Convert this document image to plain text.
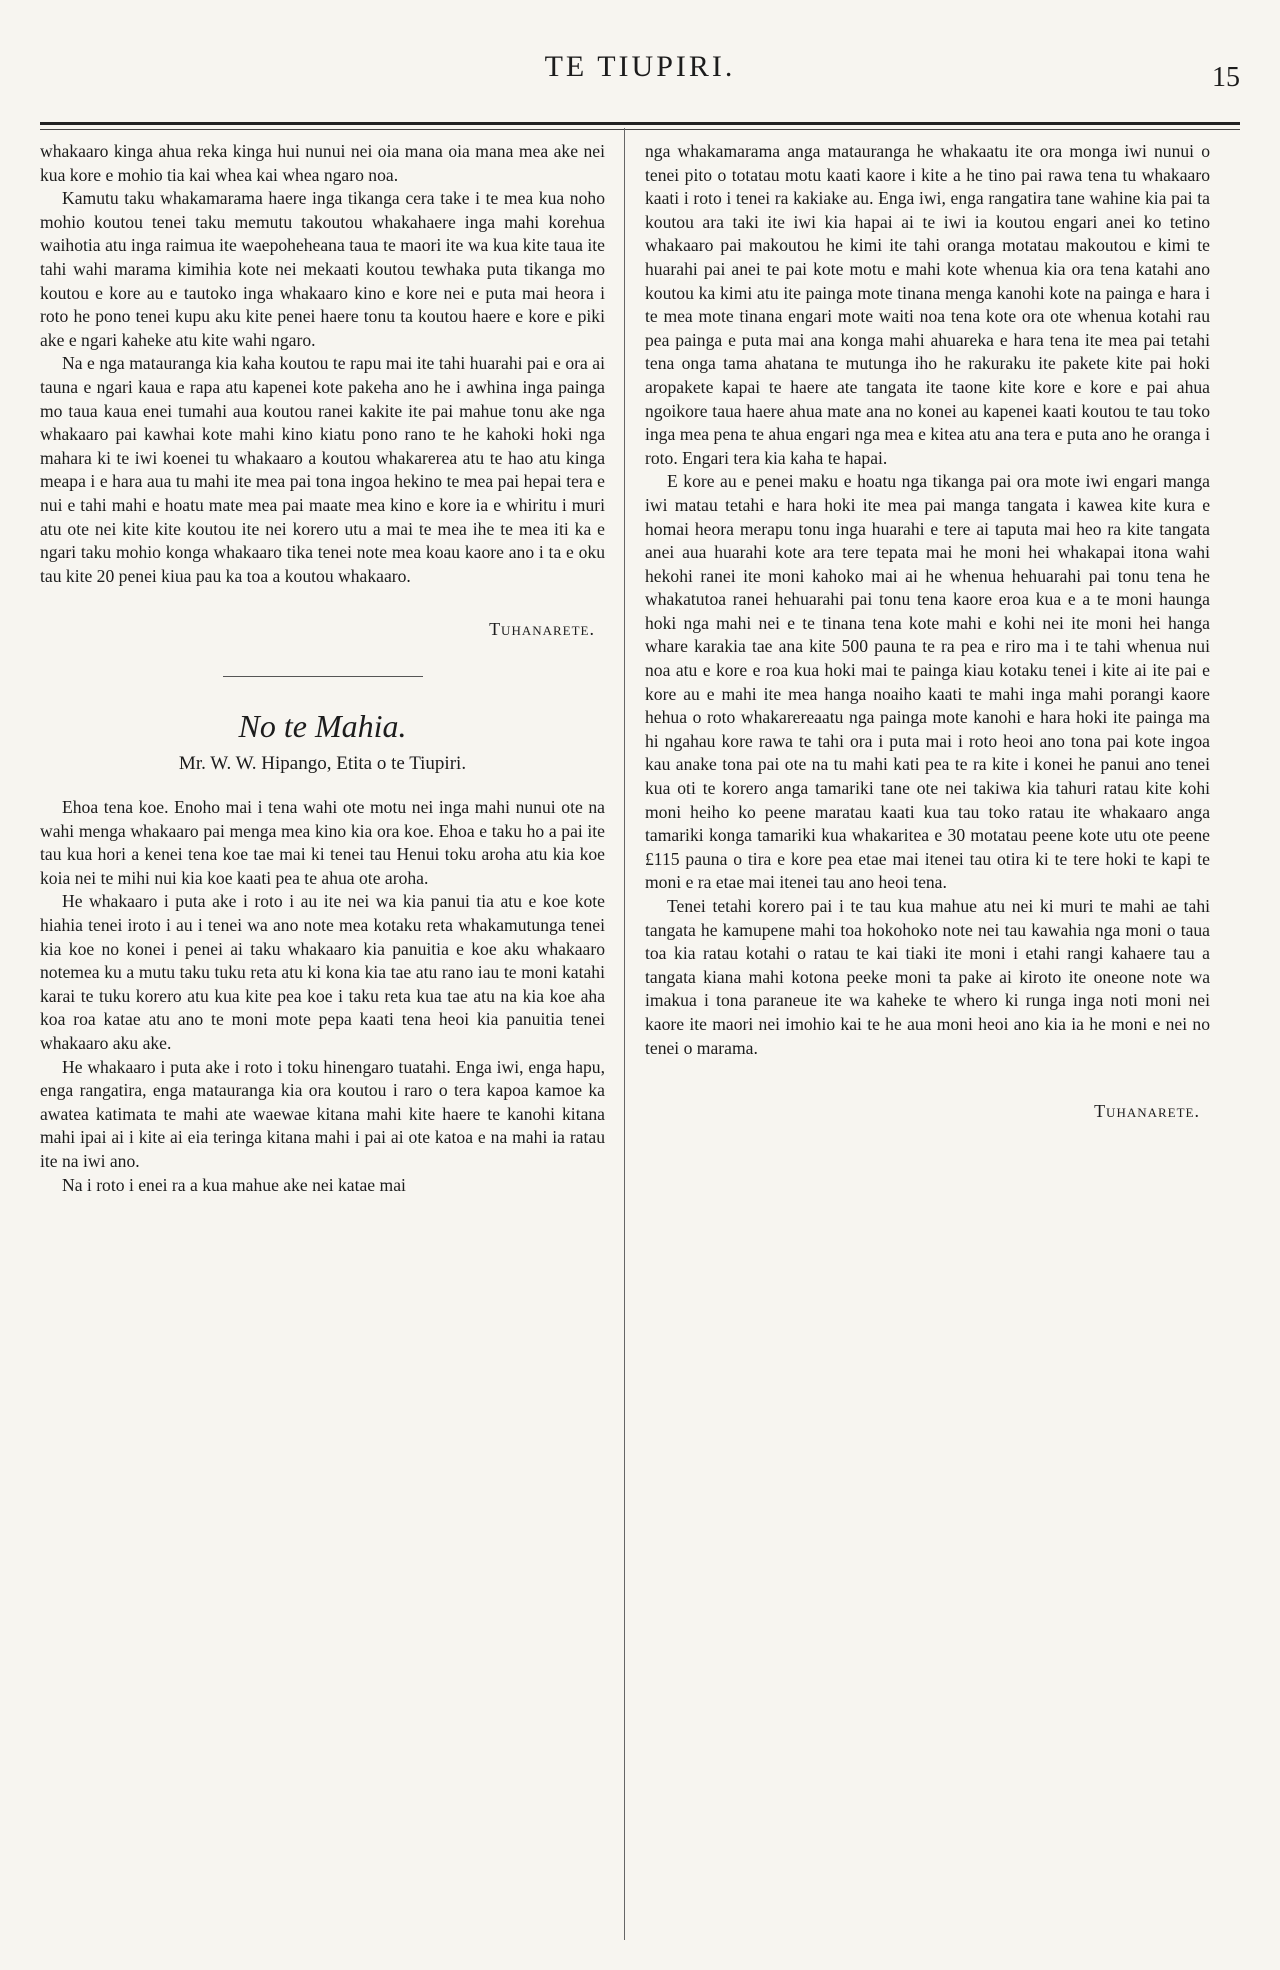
TE TIUPIRI.	15

whakaaro kinga ahua reka kinga hui nunui nei oia mana oia mana mea ake nei kua kore e mohio tia kai whea kai whea ngaro noa.

Kamutu taku whakamarama haere inga tikanga cera take i te mea kua noho mohio koutou tenei taku memutu takoutou whakahaere inga mahi korehua waihotia atu inga raimua ite waepoheheana taua te maori ite wa kua kite taua ite tahi wahi marama kimihia kote nei mekaati koutou tewhaka puta tikanga mo koutou e kore au e tautoko inga whakaaro kino e kore nei e puta mai heora i roto he pono tenei kupu aku kite penei haere tonu ta koutou haere e kore e piki ake e ngari kaheke atu kite wahi ngaro.

Na e nga matauranga kia kaha koutou te rapu mai ite tahi huarahi pai e ora ai tauna e ngari kaua e rapa atu kapenei kote pakeha ano he i awhina inga painga mo taua kaua enei tumahi aua koutou ranei kakite ite pai mahue tonu ake nga whakaaro pai kawhai kote mahi kino kiatu pono rano te he kahoki hoki nga mahara ki te iwi koenei tu whakaaro a koutou whakarerea atu te hao atu kinga meapa i e hara aua tu mahi ite mea pai tona ingoa hekino te mea pai hepai tera e nui e tahi mahi e hoatu mate mea pai maate mea kino e kore ia e whiritu i muri atu ote nei kite kite koutou ite nei korero utu a mai te mea ihe te mea iti ka e ngari taku mohio konga whakaaro tika tenei note mea koau kaore ano i ta e oku tau kite 20 penei kiua pau ka toa a koutou whakaaro.

Tuhanarete.
No te Mahia.
Mr. W. W. Hipango, Etita o te Tiupiri.

Ehoa tena koe. Enoho mai i tena wahi ote motu nei inga mahi nunui ote na wahi menga whakaaro pai menga mea kino kia ora koe. Ehoa e taku ho a pai ite tau kua hori a kenei tena koe tae mai ki tenei tau Henui toku aroha atu kia koe koia nei te mihi nui kia koe kaati pea te ahua ote aroha.

He whakaaro i puta ake i roto i au ite nei wa kia panui tia atu e koe kote hiahia tenei iroto i au i tenei wa ano note mea kotaku reta whakamutunga tenei kia koe no konei i penei ai taku whakaaro kia panuitia e koe aku whakaaro notemea ku a mutu taku tuku reta atu ki kona kia tae atu rano iau te moni katahi karai te tuku korero atu kua kite pea koe i taku reta kua tae atu na kia koe aha koa roa katae atu ano te moni mote pepa kaati tena heoi kia panuitia tenei whakaaro aku ake.

He whakaaro i puta ake i roto i toku hinengaro tuatahi. Enga iwi, enga hapu, enga rangatira, enga matauranga kia ora koutou i raro o tera kapoa kamoe ka awatea katimata te mahi ate waewae kitana mahi kite haere te kanohi kitana mahi ipai ai i kite ai eia teringa kitana mahi i pai ai ote katoa e na mahi ia ratau ite na iwi ano.

Na i roto i enei ra a kua mahue ake nei katae mai

nga whakamarama anga matauranga he whakaatu ite ora monga iwi nunui o tenei pito o totatau motu kaati kaore i kite a he tino pai rawa tena tu whakaaro kaati i roto i tenei ra kakiake au. Enga iwi, enga rangatira tane wahine kia pai ta koutou ara taki ite iwi kia hapai ai te iwi ia koutou engari anei ko tetino whakaaro pai makoutou he kimi ite tahi oranga motatau makoutou e kimi te huarahi pai anei te pai kote motu e mahi kote whenua kia ora tena katahi ano koutou ka kimi atu ite painga mote tinana menga kanohi kote na painga e hara i te mea mote tinana engari mote waiti noa tena kote ora ote whenua kotahi rau pea painga e puta mai ana konga mahi ahuareka e hara tena ite mea pai tetahi tena onga tama ahatana te mutunga iho he rakuraku ite pakete kite pai hoki aropakete kapai te haere ate tangata ite taone kite kore e kore e pai ahua ngoikore taua haere ahua mate ana no konei au kapenei kaati koutou te tau toko inga mea pena te ahua engari nga mea e kitea atu ana tera e puta ano he oranga i roto. Engari tera kia kaha te hapai.

E kore au e penei maku e hoatu nga tikanga pai ora mote iwi engari manga iwi matau tetahi e hara hoki ite mea pai manga tangata i kawea kite kura e homai heora merapu tonu inga huarahi e tere ai taputa mai heo ra kite tangata anei aua huarahi kote ara tere tepata mai he moni hei whakapai itona wahi hekohi ranei ite moni kahoko mai ai he whenua hehuarahi pai tonu tena he whakatutoa ranei hehuarahi pai tonu tena kaore eroa kua e a te moni haunga hoki nga mahi nei e te tinana tena kote mahi e kohi nei ite moni hei hanga whare karakia tae ana kite 500 pauna te ra pea e riro ma i te tahi whenua nui noa atu e kore e roa kua hoki mai te painga kiau kotaku tenei i kite ai ite pai e kore au e mahi ite mea hanga noaiho kaati te mahi inga mahi porangi kaore hehua o roto whakarereaatu nga painga mote kanohi e hara hoki ite painga ma hi ngahau kore rawa te tahi ora i puta mai i roto heoi ano tona pai kote ingoa kau anake tona pai ote na tu mahi kati pea te ra kite i konei he panui ano tenei kua oti te korero anga tamariki tane ote nei takiwa kia tahuri ratau kite kohi moni heiho ko peene maratau kaati kua tau toko ratau ite whakaaro anga tamariki konga tamariki kua whakaritea e 30 motatau peene kote utu ote peene £115 pauna o tira e kore pea etae mai itenei tau otira ki te tere hoki te kapi te moni e ra etae mai itenei tau ano heoi tena.

Tenei tetahi korero pai i te tau kua mahue atu nei ki muri te mahi ae tahi tangata he kamupene mahi toa hokohoko note nei tau kawahia nga moni o taua toa kia ratau kotahi o ratau te kai tiaki ite moni i etahi rangi kahaere tau a tangata kiana mahi kotona peeke moni ta pake ai kiroto ite oneone note wa imakua i tona paraneue ite wa kaheke te whero ki runga inga noti moni nei kaore ite maori nei imohio kai te he aua moni heoi ano kia ia he moni e nei no tenei o marama.

Tuhanarete.
